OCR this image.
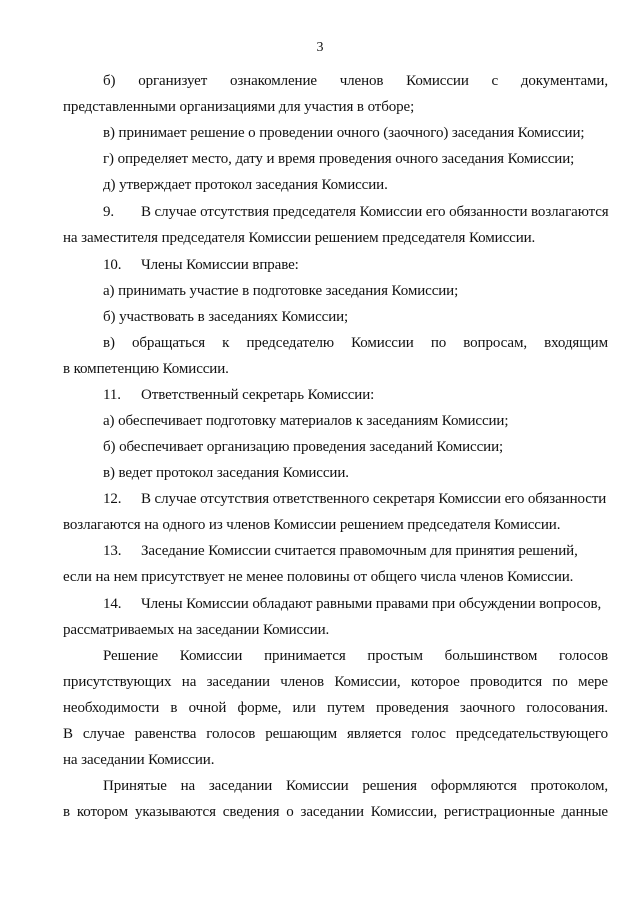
3
б) организует ознакомление членов Комиссии с документами,
представленными организациями для участия в отборе;
в) принимает решение о проведении очного (заочного) заседания Комиссии;
г) определяет место, дату и время проведения очного заседания Комиссии;
д) утверждает протокол заседания Комиссии.
9. В случае отсутствия председателя Комиссии его обязанности возлагаются
на заместителя председателя Комиссии решением председателя Комиссии.
10. Члены Комиссии вправе:
а) принимать участие в подготовке заседания Комиссии;
б) участвовать в заседаниях Комиссии;
в) обращаться к председателю Комиссии по вопросам, входящим
в компетенцию Комиссии.
11. Ответственный секретарь Комиссии:
а) обеспечивает подготовку материалов к заседаниям Комиссии;
б) обеспечивает организацию проведения заседаний Комиссии;
в) ведет протокол заседания Комиссии.
12. В случае отсутствия ответственного секретаря Комиссии его обязанности
возлагаются на одного из членов Комиссии решением председателя Комиссии.
13. Заседание Комиссии считается правомочным для принятия решений,
если на нем присутствует не менее половины от общего числа членов Комиссии.
14. Члены Комиссии обладают равными правами при обсуждении вопросов,
рассматриваемых на заседании Комиссии.
Решение Комиссии принимается простым большинством голосов
присутствующих на заседании членов Комиссии, которое проводится по мере
необходимости в очной форме, или путем проведения заочного голосования.
В случае равенства голосов решающим является голос председательствующего
на заседании Комиссии.
Принятые на заседании Комиссии решения оформляются протоколом,
в котором указываются сведения о заседании Комиссии, регистрационные данные
